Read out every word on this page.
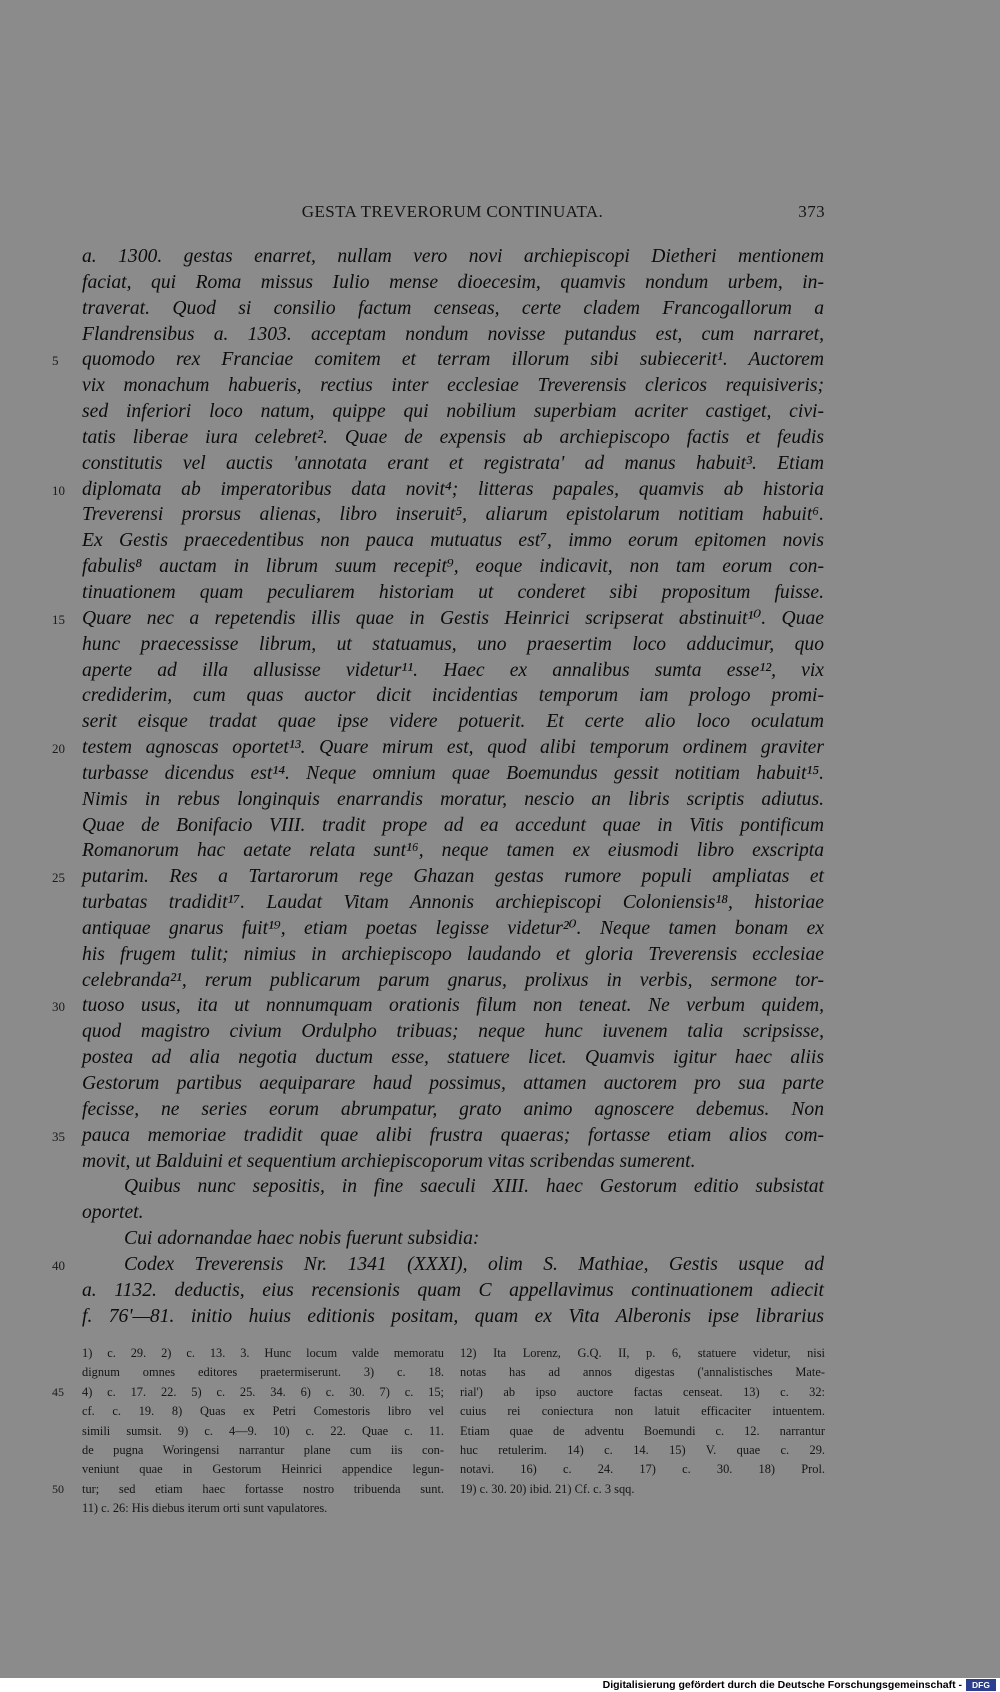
GESTA TREVERORUM CONTINUATA.	373
a. 1300. gestas enarret, nullam vero novi archiepiscopi Dietheri mentionem
faciat, qui Roma missus Iulio mense dioecesim, quamvis nondum urbem, in-
traverat. Quod si consilio factum censeas, certe cladem Francogallorum a
Flandrensibus a. 1303. acceptam nondum novisse putandus est, cum narraret,
5	quomodo rex Franciae comitem et terram illorum sibi subiecerit¹. Auctorem
vix monachum habueris, rectius inter ecclesiae Treverensis clericos requisiveris;
sed inferiori loco natum, quippe qui nobilium superbiam acriter castiget, civi-
tatis liberae iura celebret². Quae de expensis ab archiepiscopo factis et feudis
constitutis vel auctis 'annotata erant et registrata' ad manus habuit³. Etiam
10 diplomata ab imperatoribus data novit⁴; litteras papales, quamvis ab historia
Treverensi prorsus alienas, libro inseruit⁵, aliarum epistolarum notitiam habuit⁶.
Ex Gestis praecedentibus non pauca mutuatus est⁷, immo eorum epitomen novis
fabulis⁸ auctam in librum suum recepit⁹, eoque indicavit, non tam eorum con-
tinuationem quam peculiarem historiam ut conderet sibi propositum fuisse.
15 Quare nec a repetendis illis quae in Gestis Heinrici scripserat abstinuit¹⁰. Quae
hunc praecessisse librum, ut statuamus, uno praesertim loco adducimur, quo
aperte ad illa allusisse videtur¹¹. Haec ex annalibus sumta esse¹², vix
crediderim, cum quas auctor dicit incidentias temporum iam prologo promi-
serit eisque tradat quae ipse videre potuerit. Et certe alio loco oculatum
20 testem agnoscas oportet¹³. Quare mirum est, quod alibi temporum ordinem graviter
turbasse dicendus est¹⁴. Neque omnium quae Boemundus gessit notitiam habuit¹⁵.
Nimis in rebus longinquis enarrandis moratur, nescio an libris scriptis adiutus.
Quae de Bonifacio VIII. tradit prope ad ea accedunt quae in Vitis pontificum
Romanorum hac aetate relata sunt¹⁶, neque tamen ex eiusmodi libro exscripta
25 putarim. Res a Tartarorum rege Ghazan gestas rumore populi ampliatas et
turbatas tradidit¹⁷. Laudat Vitam Annonis archiepiscopi Coloniensis¹⁸, historiae
antiquae gnarus fuit¹⁹, etiam poetas legisse videtur²⁰. Neque tamen bonam ex
his frugem tulit; nimius in archiepiscopo laudando et gloria Treverensis ecclesiae
celebranda²¹, rerum publicarum parum gnarus, prolixus in verbis, sermone tor-
30 tuoso usus, ita ut nonnumquam orationis filum non teneat. Ne verbum quidem,
quod magistro civium Ordulpho tribuas; neque hunc iuvenem talia scripsisse,
postea ad alia negotia ductum esse, statuere licet. Quamvis igitur haec aliis
Gestorum partibus aequiparare haud possimus, attamen auctorem pro sua parte
fecisse, ne series eorum abrumpatur, grato animo agnoscere debemus. Non
35 pauca memoriae tradidit quae alibi frustra quaeras; fortasse etiam alios com-
movit, ut Balduini et sequentium archiepiscoporum vitas scribendas sumerent.
Quibus nunc sepositis, in fine saeculi XIII. haec Gestorum editio subsistat
oportet.
Cui adornandae haec nobis fuerunt subsidia:
40	Codex Treverensis Nr. 1341 (XXXI), olim S. Mathiae, Gestis usque ad
a. 1132. deductis, eius recensionis quam C appellavimus continuationem adiecit
f. 76'—81. initio huius editionis positam, quam ex Vita Alberonis ipse librarius
1) c. 29. 2) c. 13. 3. Hunc locum valde memoratu
dignum omnes editores praetermiserunt. 3) c. 18.
45 4) c. 17. 22. 5) c. 25. 34. 6) c. 30. 7) c. 15;
cf. c. 19. 8) Quas ex Petri Comestoris libro vel
simili sumsit. 9) c. 4—9. 10) c. 22. Quae c. 11.
de pugna Woringensi narrantur plane cum iis con-
veniunt quae in Gestorum Heinrici appendice legun-
50 tur; sed etiam haec fortasse nostro tribuenda sunt.
11) c. 26: His diebus iterum orti sunt vapulatores.
12) Ita Lorenz, G.Q. II, p. 6, statuere videtur, nisi
notas has ad annos digestas ('annalistisches Mate-
rial') ab ipso auctore factas censeat. 13) c. 32:
cuius rei coniectura non latuit efficaciter intuentem.
Etiam quae de adventu Boemundi c. 12. narrantur
huc retulerim. 14) c. 14. 15) V. quae c. 29.
notavi. 16) c. 24. 17) c. 30. 18) Prol.
19) c. 30. 20) ibid. 21) Cf. c. 3 sqq.
Digitalisierung gefördert durch die Deutsche Forschungsgemeinschaft -	DFG
